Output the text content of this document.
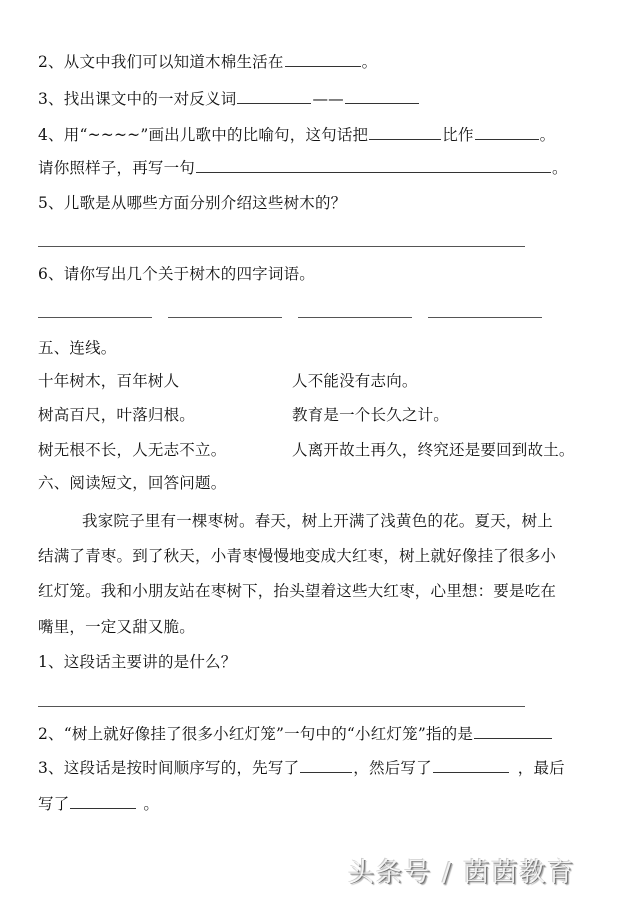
2、从文中我们可以知道木棉生活在	。
3、找出课文中的一对反义词	——
4、用“~~~~”画出儿歌中的比喻句，这句话把	比作	。
请你照样子，再写一句	。
5、儿歌是从哪些方面分别介绍这些树木的？
6、请你写出几个关于树木的四字词语。
五、连线。
十年树木，百年树人	人不能没有志向。
树高百尺，叶落归根。	教育是一个长久之计。
树无根不长，人无志不立。	人离开故土再久，终究还是要回到故土。
六、阅读短文，回答问题。
我家院子里有一棵枣树。春天，树上开满了浅黄色的花。夏天，树上
结满了青枣。到了秋天，小青枣慢慢地变成大红枣，树上就好像挂了很多小
红灯笼。我和小朋友站在枣树下，抬头望着这些大红枣，心里想：要是吃在
嘴里，一定又甜又脆。
1、这段话主要讲的是什么？
2、“树上就好像挂了很多小红灯笼”一句中的“小红灯笼”指的是
3、这段话是按时间顺序写的，先写了	，然后写了	，最后
写了	。
头条号 / 茵茵教育
